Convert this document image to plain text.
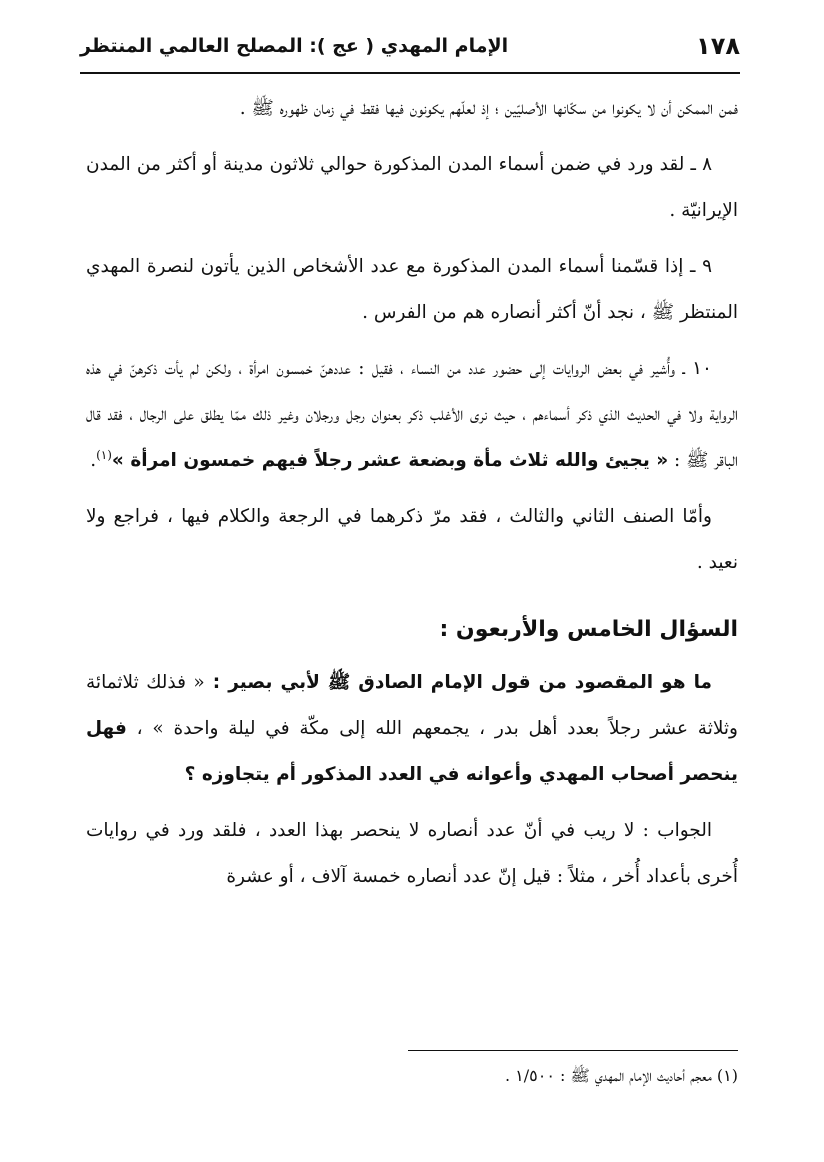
١٧٨
الإمام المهدي ( عج ): المصلح العالمي المنتظر

فمن الممكن أن لا يكونوا من سكّانها الأصليّين ؛ إذ لعلّهم يكونون فيها فقط في زمان ظهوره ﷺ .

٨ ـ لقد ورد في ضمن أسماء المدن المذكورة حوالي ثلاثون مدينة أو أكثر من المدن الإيرانيّة .

٩ ـ إذا قسّمنا أسماء المدن المذكورة مع عدد الأشخاص الذين يأتون لنصرة المهدي المنتظر ﷺ ، نجد أنّ أكثر أنصاره هم من الفرس .

١٠ ـ وأُشير في بعض الروايات إلى حضور عدد من النساء ، فقيل : عددهنّ خمسون امرأة ، ولكن لم يأت ذكرهنّ في هذه الرواية ولا في الحديث الذي ذكر أسماءهم ، حيث نرى الأغلب ذكر بعنوان رجل ورجلان وغير ذلك ممّا يطلق على الرجال ، فقد قال الباقر ﷺ : « يجيئ والله ثلاث مأة وبضعة عشر رجلاً فيهم خمسون امرأة »$^{(١)}$.

وأمّا الصنف الثاني والثالث ، فقد مرّ ذكرهما في الرجعة والكلام فيها ، فراجع ولا نعيد .

السؤال الخامس والأربعون :

ما هو المقصود من قول الإمام الصادق ﷺ لأبي بصير : « فذلك ثلاثمائة وثلاثة عشر رجلاً بعدد أهل بدر ، يجمعهم الله إلى مكّة في ليلة واحدة » ، فهل ينحصر أصحاب المهدي وأعوانه في العدد المذكور أم يتجاوزه ؟

الجواب : لا ريب في أنّ عدد أنصاره لا ينحصر بهذا العدد ، فلقد ورد في روايات أُخرى بأعداد أُخر ، مثلاً : قيل إنّ عدد أنصاره خمسة آلاف ، أو عشرة

(١) معجم أحاديث الإمام المهدي ﷺ : ١/٥٠٠ .
